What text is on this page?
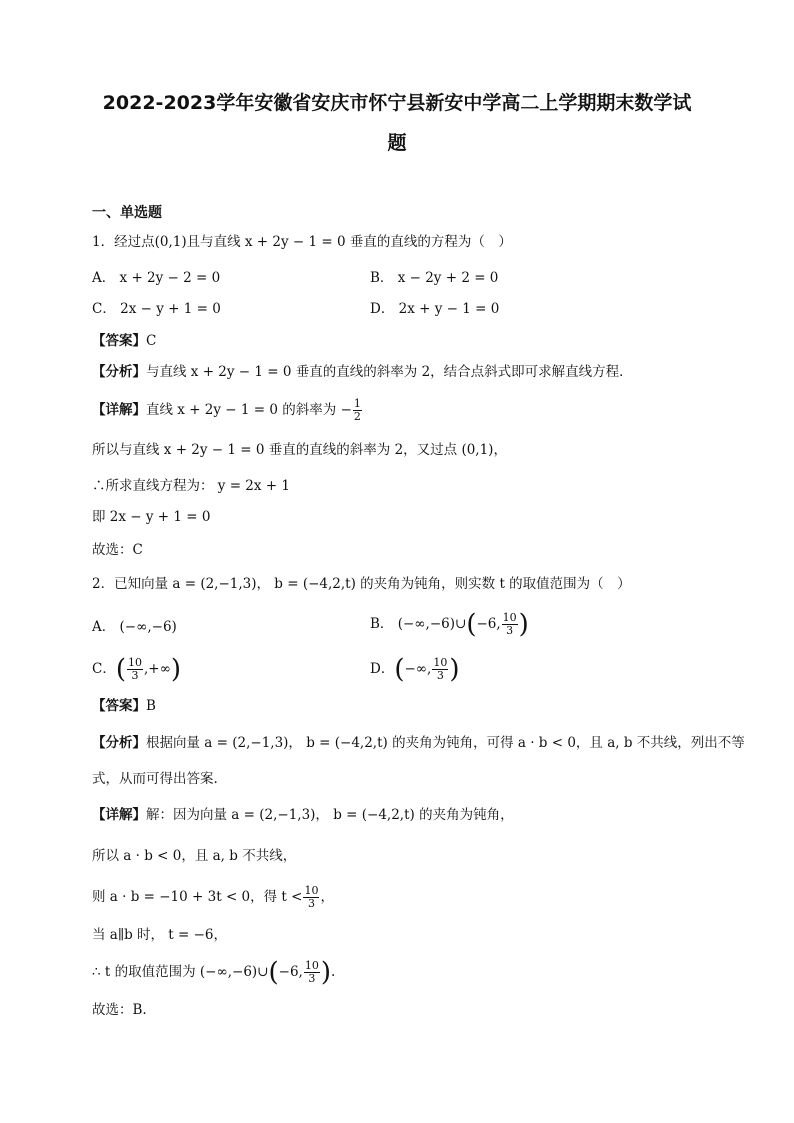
2022-2023学年安徽省安庆市怀宁县新安中学高二上学期期末数学试
题
一、单选题
1．经过点(0,1)且与直线 x + 2y − 1 = 0 垂直的直线的方程为（　）
A． x + 2y − 2 = 0	B． x − 2y + 2 = 0
C． 2x − y + 1 = 0	D． 2x + y − 1 = 0
【答案】C
【分析】与直线 x + 2y − 1 = 0 垂直的直线的斜率为 2，结合点斜式即可求解直线方程．
【详解】直线 x + 2y − 1 = 0 的斜率为 − $\frac{1}{2}$
所以与直线 x + 2y − 1 = 0 垂直的直线的斜率为 2，又过点 (0,1)，
∴所求直线方程为： y = 2x + 1
即 2x − y + 1 = 0
故选：C
2．已知向量 a = (2,−1,3)， b = (−4,2,t) 的夹角为钝角，则实数 t 的取值范围为（　）
A． (−∞,−6)	B． (−∞,−6)∪(−6, $\frac{10}{3}$ )
C．( $\frac{10}{3}$ ,+∞)	D．(−∞, $\frac{10}{3}$ )
【答案】B
【分析】根据向量 a = (2,−1,3)， b = (−4,2,t) 的夹角为钝角，可得 a · b < 0，且 a, b 不共线，列出不等
式，从而可得出答案.
【详解】解：因为向量 a = (2,−1,3)， b = (−4,2,t) 的夹角为钝角，
所以 a · b < 0，且 a, b 不共线，
则 a · b = −10 + 3t < 0，得 $t < \frac{10}{3}$ ，
当 a∥b 时， t = −6，
∴ t 的取值范围为 (−∞,−6)∪(−6, $\frac{10}{3}$ ).
故选：B.
